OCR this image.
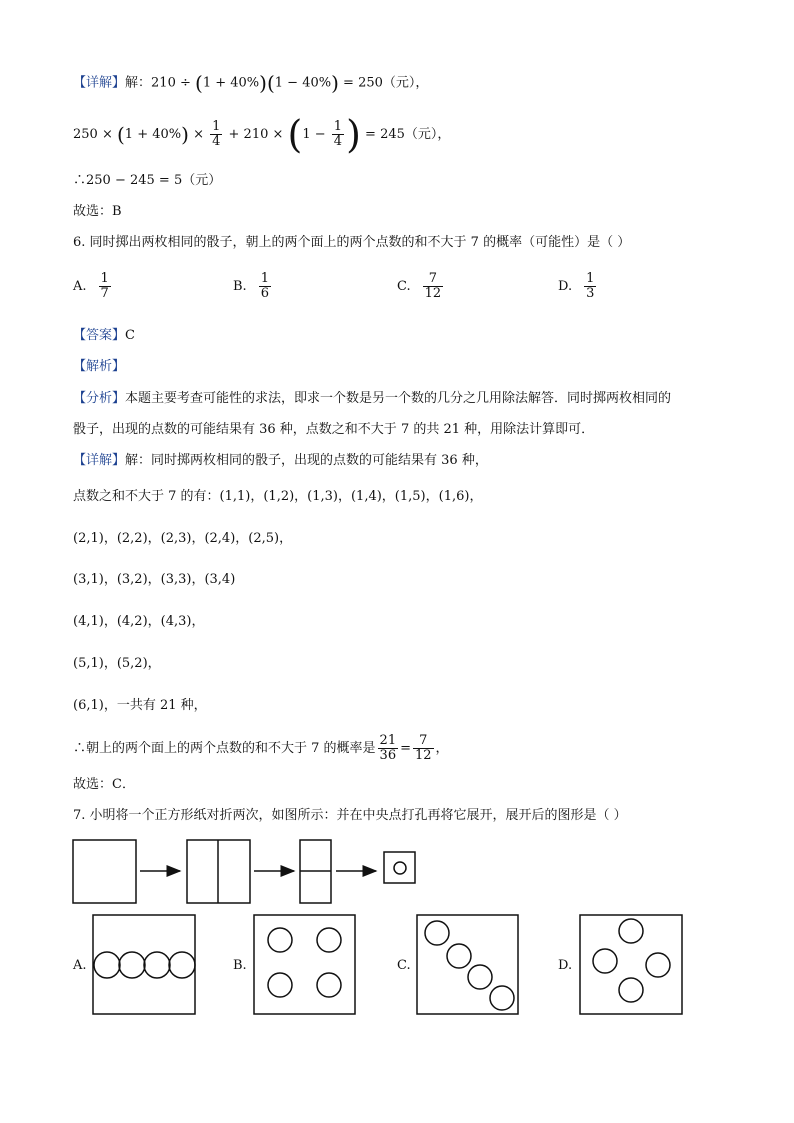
【详解】解：210 ÷ (1 + 40%)(1 − 40%) = 250（元），
$250 \times (1 + 40\%) \times \frac{1}{4} + 210 \times (1 - \frac{1}{4}$ ) = 245（元），
∴250 − 245 = 5（元）
故选：B
6. 同时掷出两枚相同的骰子，朝上的两个面上的两个点数的和不大于 7 的概率（可能性）是（ ）
A. $\frac{1}{7}$	B. $\frac{1}{6}$	C. $\frac{7}{12}$	D. $\frac{1}{3}$
【答案】C
【解析】
【分析】本题主要考查可能性的求法，即求一个数是另一个数的几分之几用除法解答．同时掷两枚相同的
骰子，出现的点数的可能结果有 36 种，点数之和不大于 7 的共 21 种，用除法计算即可．
【详解】解：同时掷两枚相同的骰子，出现的点数的可能结果有 36 种，
点数之和不大于 7 的有：(1,1)，(1,2)，(1,3)，(1,4)，(1,5)，(1,6)，
(2,1)，(2,2)，(2,3)，(2,4)，(2,5)，
(3,1)，(3,2)，(3,3)，(3,4)
(4,1)，(4,2)，(4,3)，
(5,1)，(5,2)，
(6,1)，一共有 21 种，
∴朝上的两个面上的两个点数的和不大于 7 的概率是 $\frac{21}{36} = \frac{7}{12}$ ，
故选：C．
7. 小明将一个正方形纸对折两次，如图所示：并在中央点打孔再将它展开，展开后的图形是（ ）
A.	B.	C.	D.
